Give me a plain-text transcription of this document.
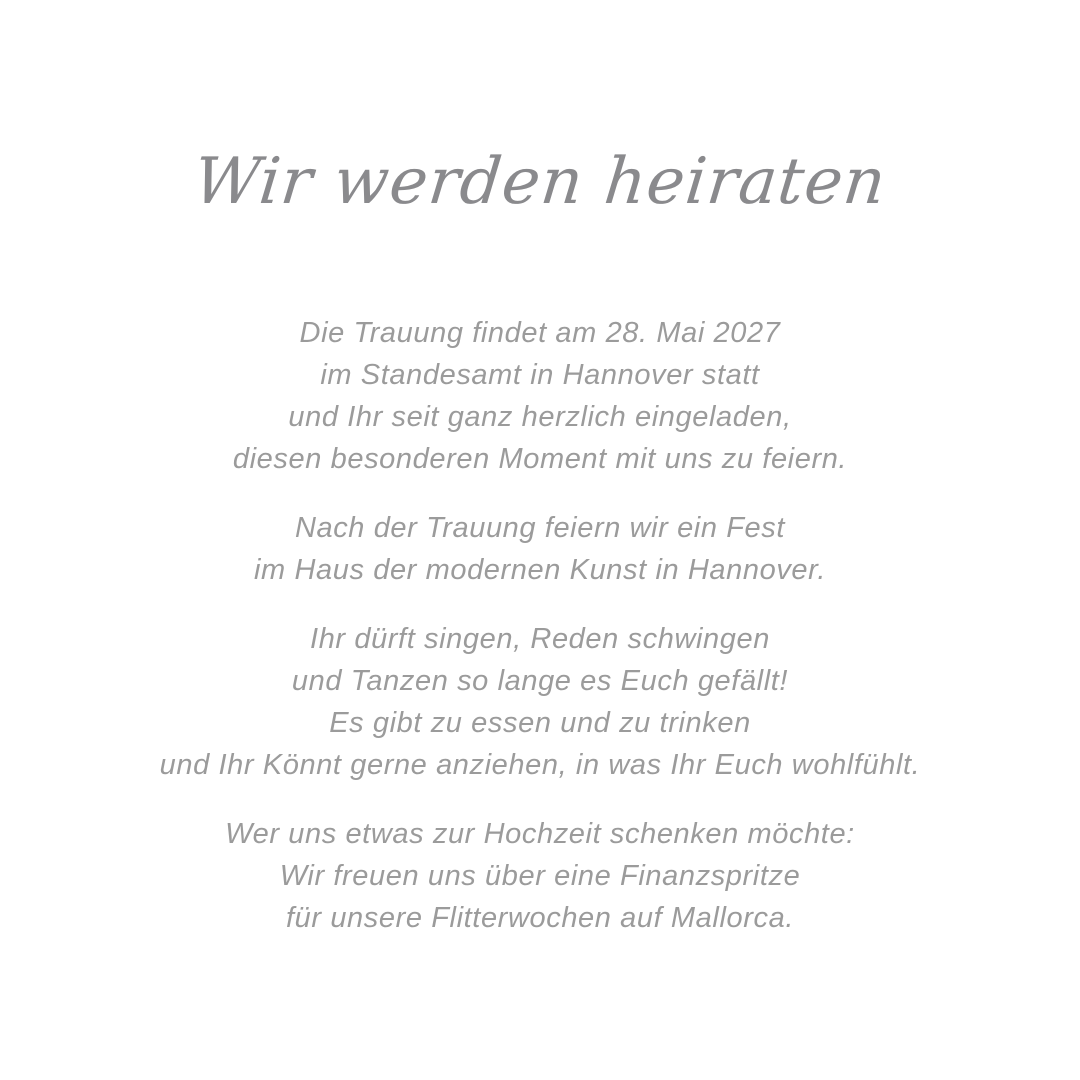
Wir werden heiraten
Die Trauung findet am 28. Mai 2027
im Standesamt in Hannover statt
und Ihr seit ganz herzlich eingeladen,
diesen besonderen Moment mit uns zu feiern.
Nach der Trauung feiern wir ein Fest
im Haus der modernen Kunst in Hannover.
Ihr dürft singen, Reden schwingen
und Tanzen so lange es Euch gefällt!
Es gibt zu essen und zu trinken
und Ihr Könnt gerne anziehen, in was Ihr Euch wohlfühlt.
Wer uns etwas zur Hochzeit schenken möchte:
Wir freuen uns über eine Finanzspritze
für unsere Flitterwochen auf Mallorca.
